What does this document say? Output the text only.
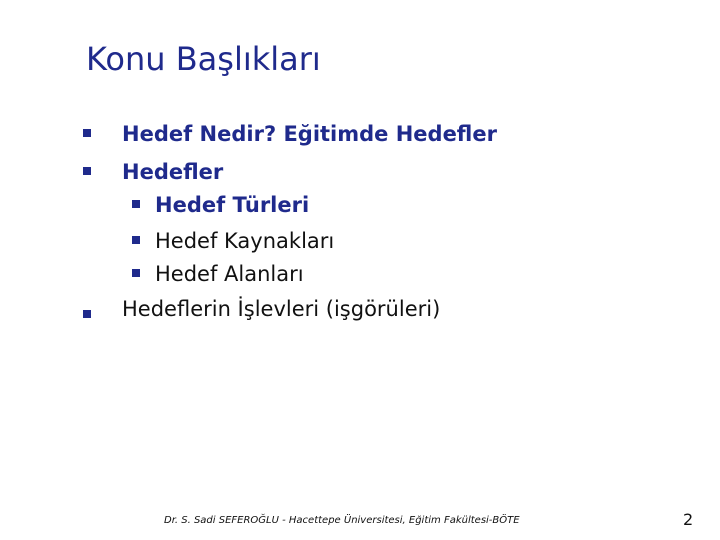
Konu Başlıkları
Hedef Nedir? Eğitimde Hedefler
Hedefler
Hedef Türleri
Hedef Kaynakları
Hedef Alanları
Hedeflerin İşlevleri (işgörüleri)
Dr. S. Sadi SEFEROĞLU - Hacettepe Üniversitesi, Eğitim Fakültesi-BÖTE	2
